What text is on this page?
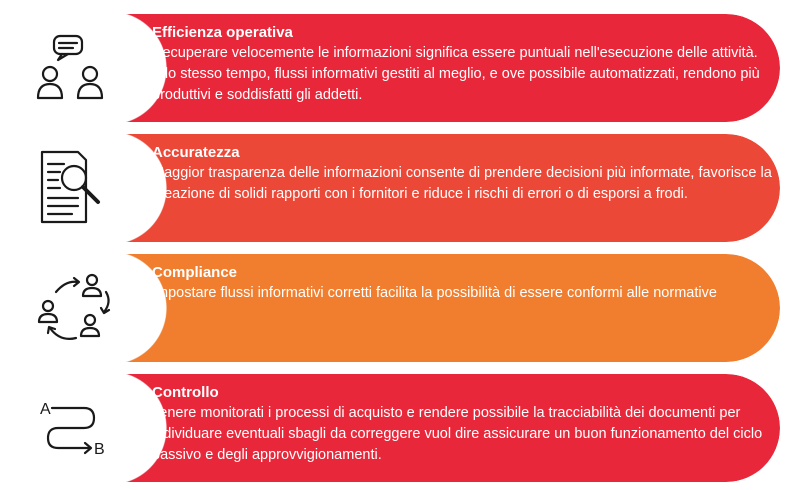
Efficienza operativa

Recuperare velocemente le informazioni significa essere puntuali nell'esecuzione delle attività. Allo stesso tempo, flussi informativi gestiti al meglio, e ove possibile automatizzati, rendono più produttivi e soddisfatti gli addetti.

Accuratezza

Maggior trasparenza delle informazioni consente di prendere decisioni più informate, favorisce la creazione di solidi rapporti con i fornitori e riduce i rischi di errori o di esporsi a frodi.

Compliance

Impostare flussi informativi corretti facilita la possibilità di essere conformi alle normative

A
B

Controllo

Tenere monitorati i processi di acquisto e rendere possibile la tracciabilità dei documenti per individuare eventuali sbagli da correggere vuol dire assicurare un buon funzionamento del ciclo passivo e degli approvvigionamenti.
